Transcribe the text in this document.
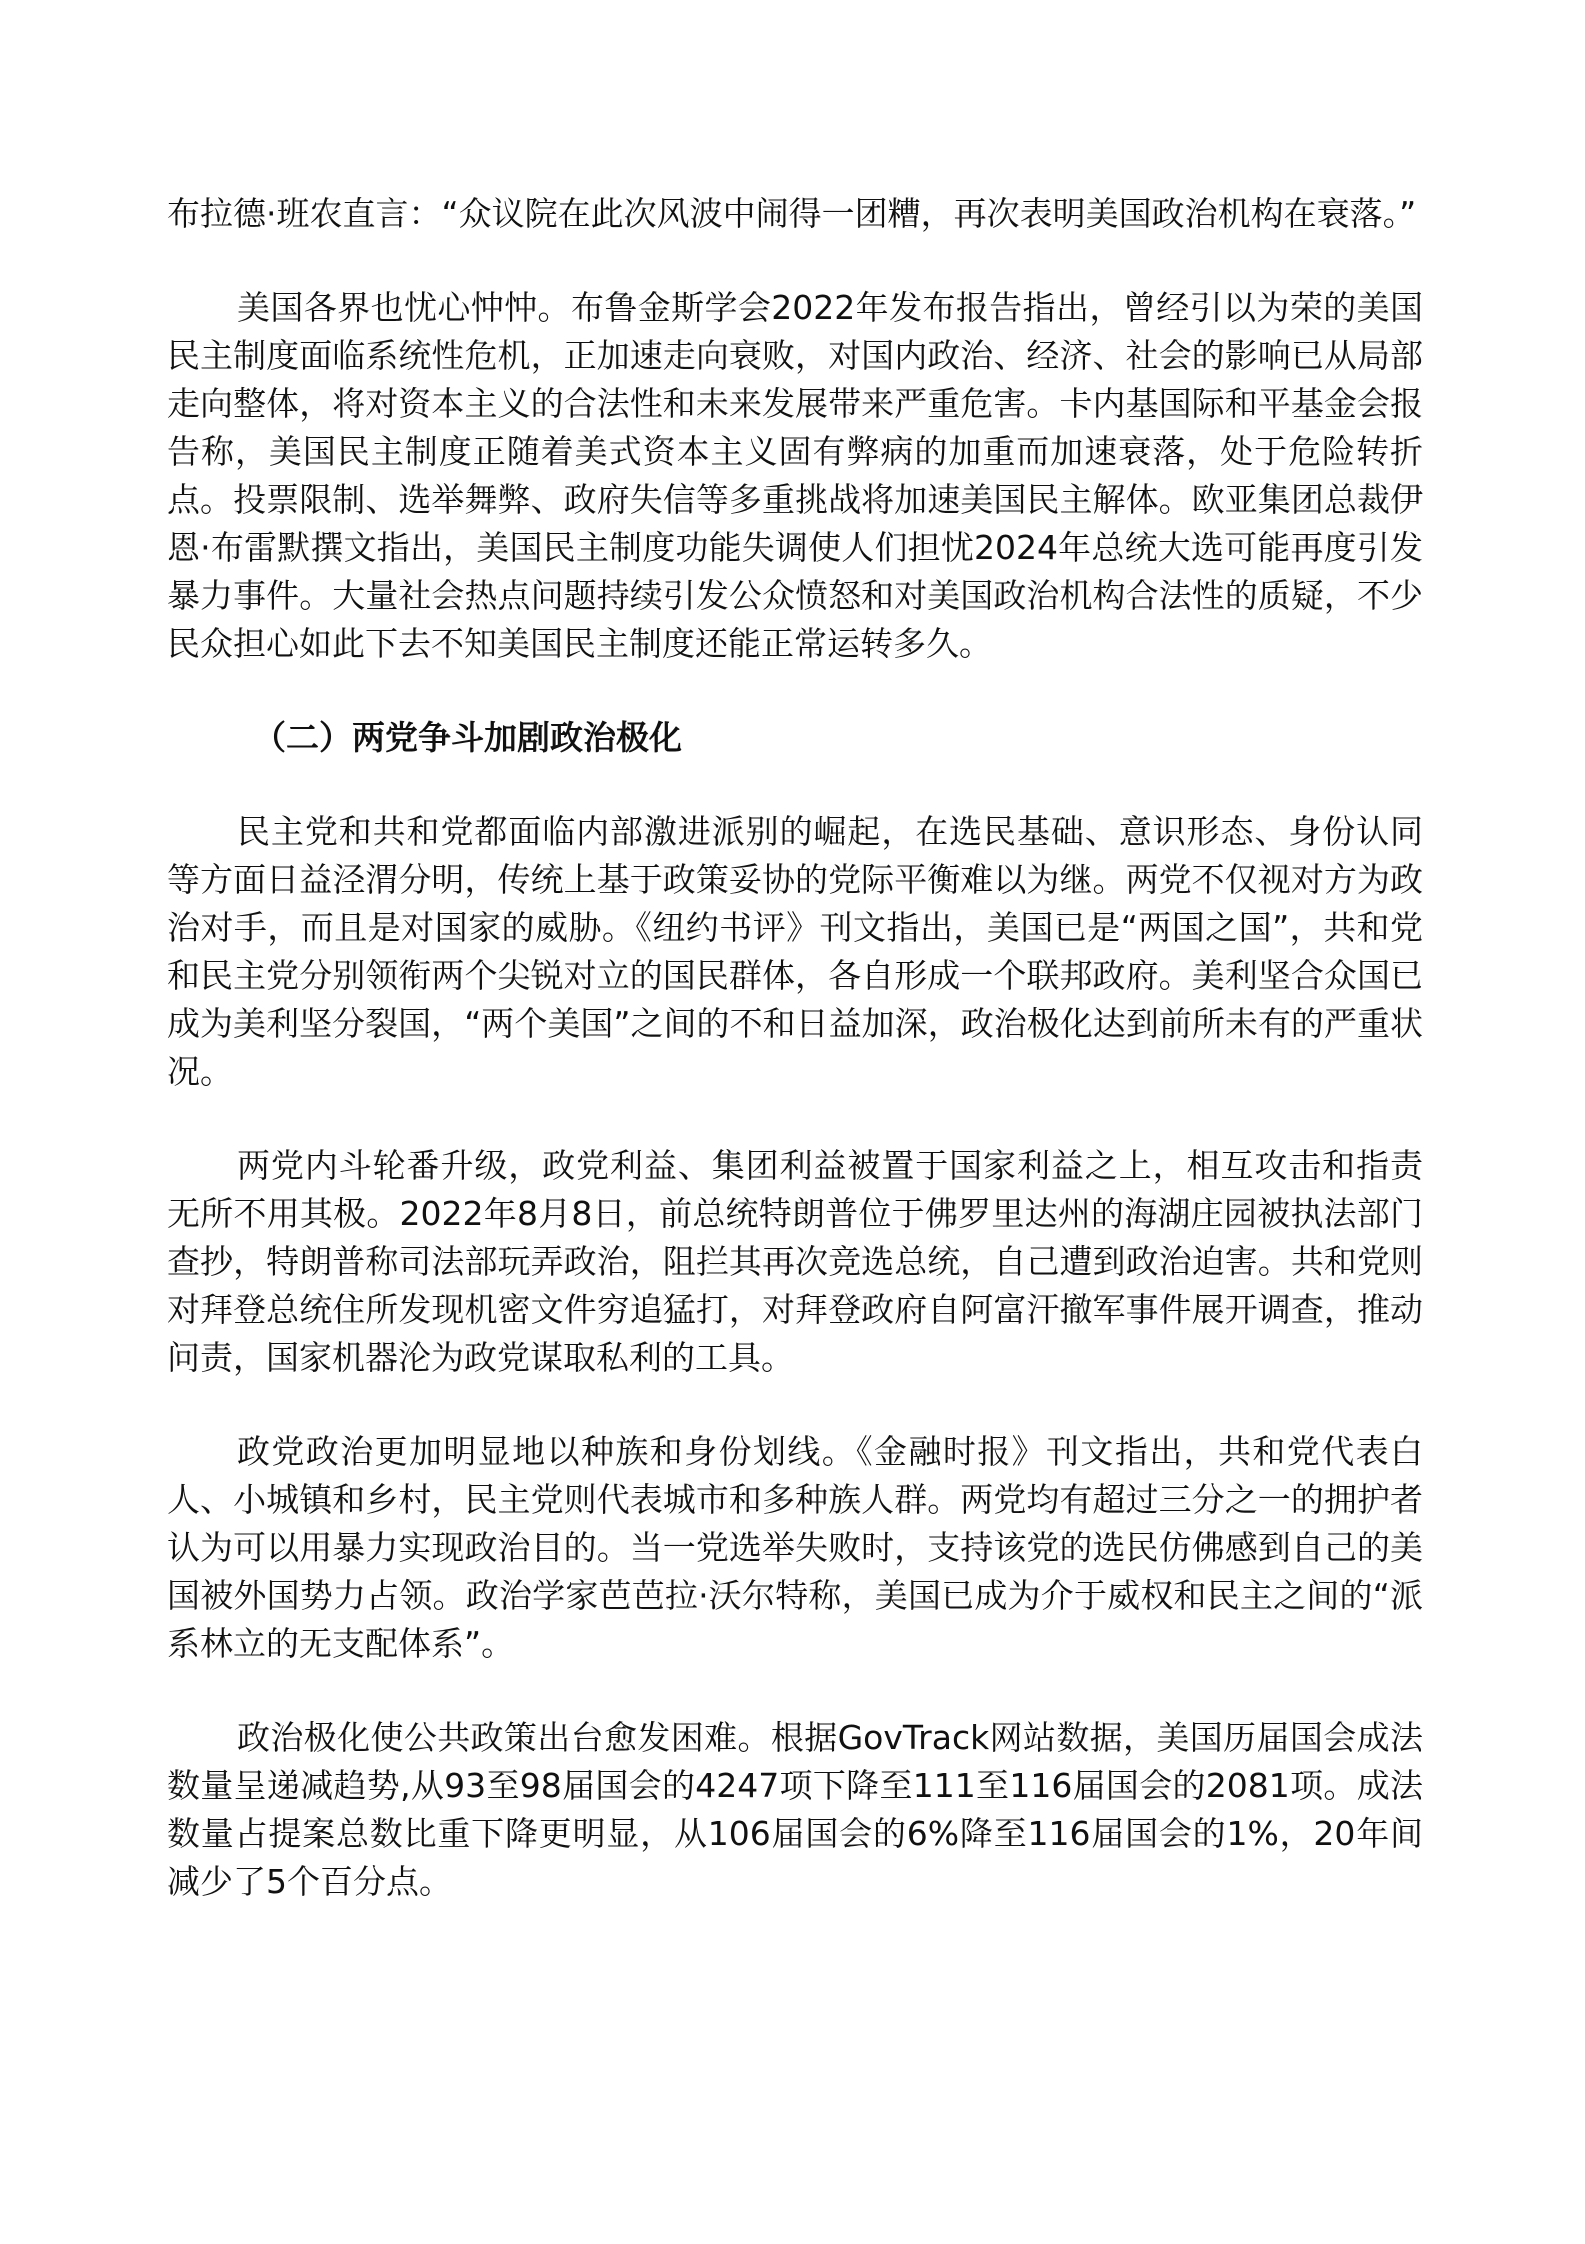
布拉德·班农直言：“众议院在此次风波中闹得一团糟，再次表明美国政治机构在衰落。”

美国各界也忧心忡忡。布鲁金斯学会2022年发布报告指出，曾经引以为荣的美国民主制度面临系统性危机，正加速走向衰败，对国内政治、经济、社会的影响已从局部走向整体，将对资本主义的合法性和未来发展带来严重危害。卡内基国际和平基金会报告称，美国民主制度正随着美式资本主义固有弊病的加重而加速衰落，处于危险转折点。投票限制、选举舞弊、政府失信等多重挑战将加速美国民主解体。欧亚集团总裁伊恩·布雷默撰文指出，美国民主制度功能失调使人们担忧2024年总统大选可能再度引发暴力事件。大量社会热点问题持续引发公众愤怒和对美国政治机构合法性的质疑，不少民众担心如此下去不知美国民主制度还能正常运转多久。

（二）两党争斗加剧政治极化

民主党和共和党都面临内部激进派别的崛起，在选民基础、意识形态、身份认同等方面日益泾渭分明，传统上基于政策妥协的党际平衡难以为继。两党不仅视对方为政治对手，而且是对国家的威胁。《纽约书评》刊文指出，美国已是“两国之国”，共和党和民主党分别领衔两个尖锐对立的国民群体，各自形成一个联邦政府。美利坚合众国已成为美利坚分裂国，“两个美国”之间的不和日益加深，政治极化达到前所未有的严重状况。

两党内斗轮番升级，政党利益、集团利益被置于国家利益之上，相互攻击和指责无所不用其极。2022年8月8日，前总统特朗普位于佛罗里达州的海湖庄园被执法部门查抄，特朗普称司法部玩弄政治，阻拦其再次竞选总统，自己遭到政治迫害。共和党则对拜登总统住所发现机密文件穷追猛打，对拜登政府自阿富汗撤军事件展开调查，推动问责，国家机器沦为政党谋取私利的工具。

政党政治更加明显地以种族和身份划线。《金融时报》刊文指出，共和党代表白人、小城镇和乡村，民主党则代表城市和多种族人群。两党均有超过三分之一的拥护者认为可以用暴力实现政治目的。当一党选举失败时，支持该党的选民仿佛感到自己的美国被外国势力占领。政治学家芭芭拉·沃尔特称，美国已成为介于威权和民主之间的“派系林立的无支配体系”。

政治极化使公共政策出台愈发困难。根据GovTrack网站数据，美国历届国会成法数量呈递减趋势,从93至98届国会的4247项下降至111至116届国会的2081项。成法数量占提案总数比重下降更明显，从106届国会的6%降至116届国会的1%，20年间减少了5个百分点。
